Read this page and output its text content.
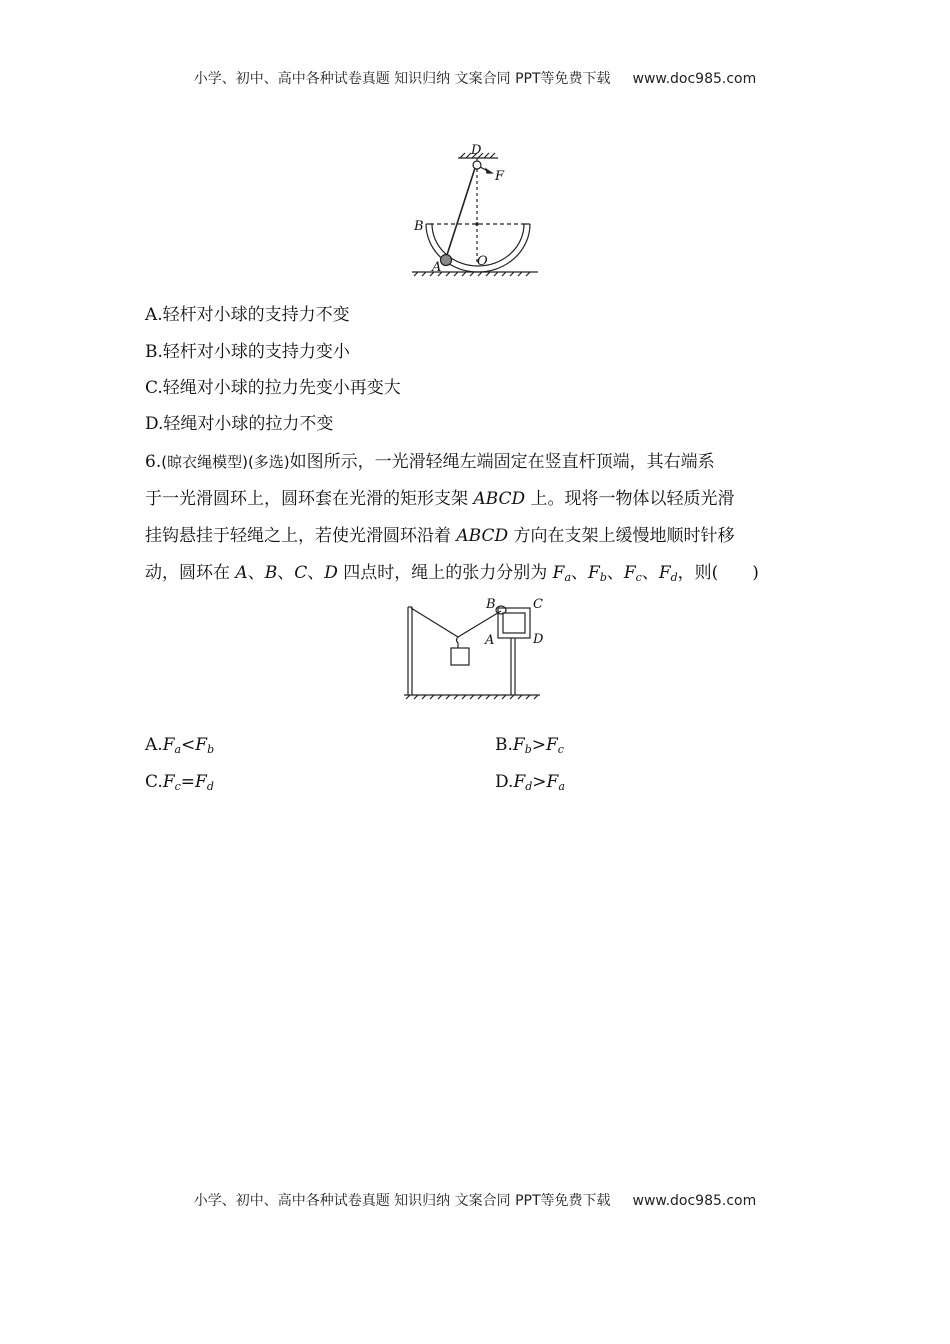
小学、初中、高中各种试卷真题 知识归纳 文案合同 PPT等免费下载 www.doc985.com
D
F
B
A	O
A.轻杆对小球的支持力不变
B.轻杆对小球的支持力变小
C.轻绳对小球的拉力先变小再变大
D.轻绳对小球的拉力不变
6.(晾衣绳模型)(多选)如图所示，一光滑轻绳左端固定在竖直杆顶端，其右端系
于一光滑圆环上，圆环套在光滑的矩形支架 ABCD 上。现将一物体以轻质光滑
挂钩悬挂于轻绳之上，若使光滑圆环沿着 ABCD 方向在支架上缓慢地顺时针移
动，圆环在 A、B、C、D 四点时，绳上的张力分别为 $F_a$、$F_b$、$F_c$、$F_d$，则(　　)
B	C
A	D
$A.F_a<F_b$	$B.F_b>F_c$
$C.F_c=F_d$	$D.F_d>F_a$
小学、初中、高中各种试卷真题 知识归纳 文案合同 PPT等免费下载 www.doc985.com
